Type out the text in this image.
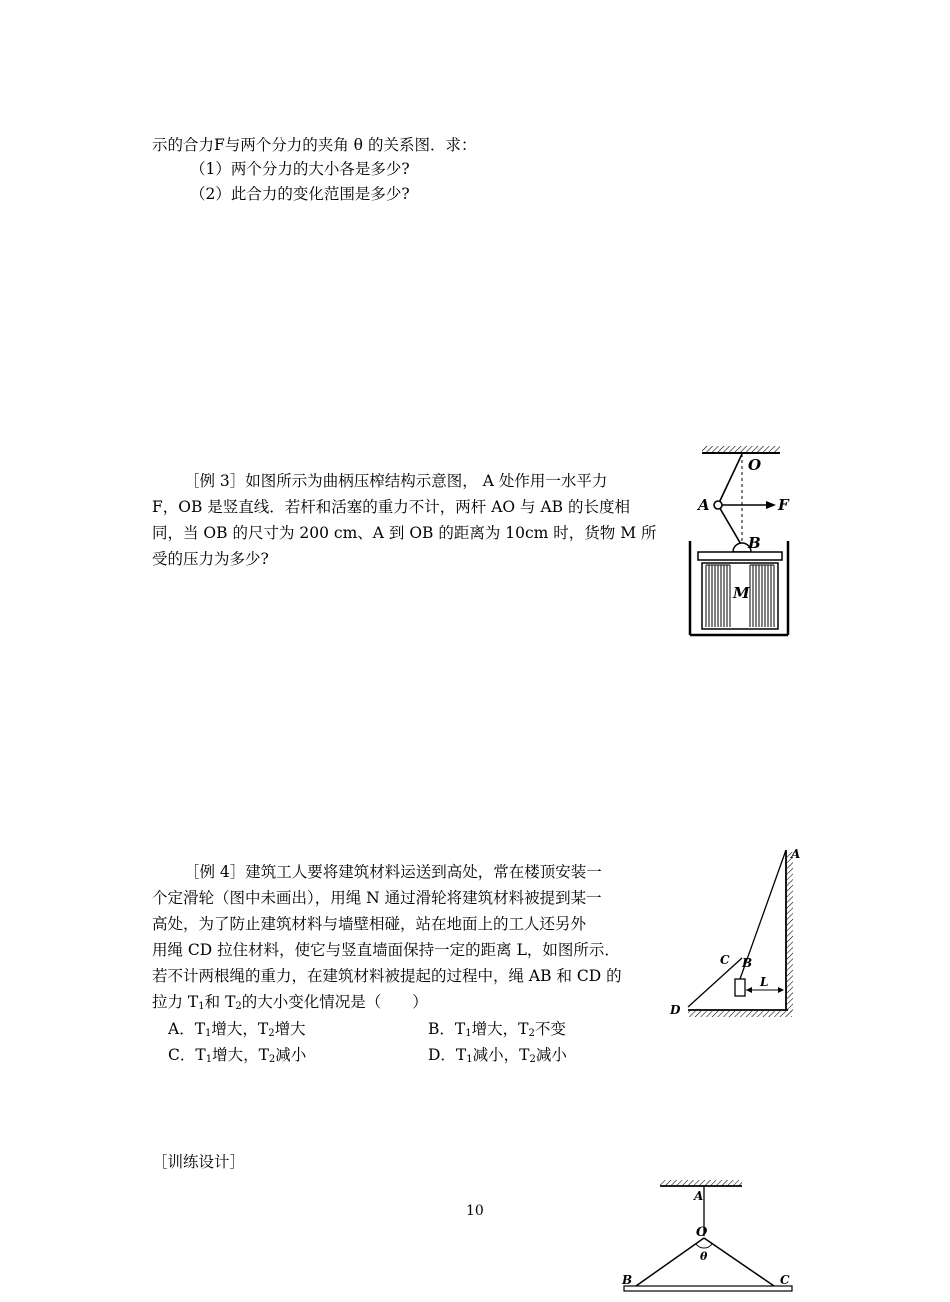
示的合力F与两个分力的夹角 θ 的关系图．求：
（1）两个分力的大小各是多少?
（2）此合力的变化范围是多少?
［例 3］如图所示为曲柄压榨结构示意图， A 处作用一水平力
F，OB 是竖直线．若杆和活塞的重力不计，两杆 AO 与 AB 的长度相
同，当 OB 的尺寸为 200 cm、A 到 OB 的距离为 10cm 时，货物 M 所
受的压力为多少?
O
A	F
B
M
［例 4］建筑工人要将建筑材料运送到高处，常在楼顶安装一
个定滑轮（图中未画出），用绳 N 通过滑轮将建筑材料被提到某一
高处，为了防止建筑材料与墙壁相碰，站在地面上的工人还另外
用绳 CD 拉住材料，使它与竖直墙面保持一定的距离 L，如图所示．
若不计两根绳的重力，在建筑材料被提起的过程中，绳 AB 和 CD 的
拉力 $T_1$和 $T_2$的大小变化情况是（　　）
A．$T_1$增大，$T_2$增大	B．$T_1$增大，$T_2$不变
C．$T_1$增大，$T_2$减小	D．$T_1$减小，$T_2$减小
A
B
C
D
L
［训练设计］
10
A
O
θ
B	C
